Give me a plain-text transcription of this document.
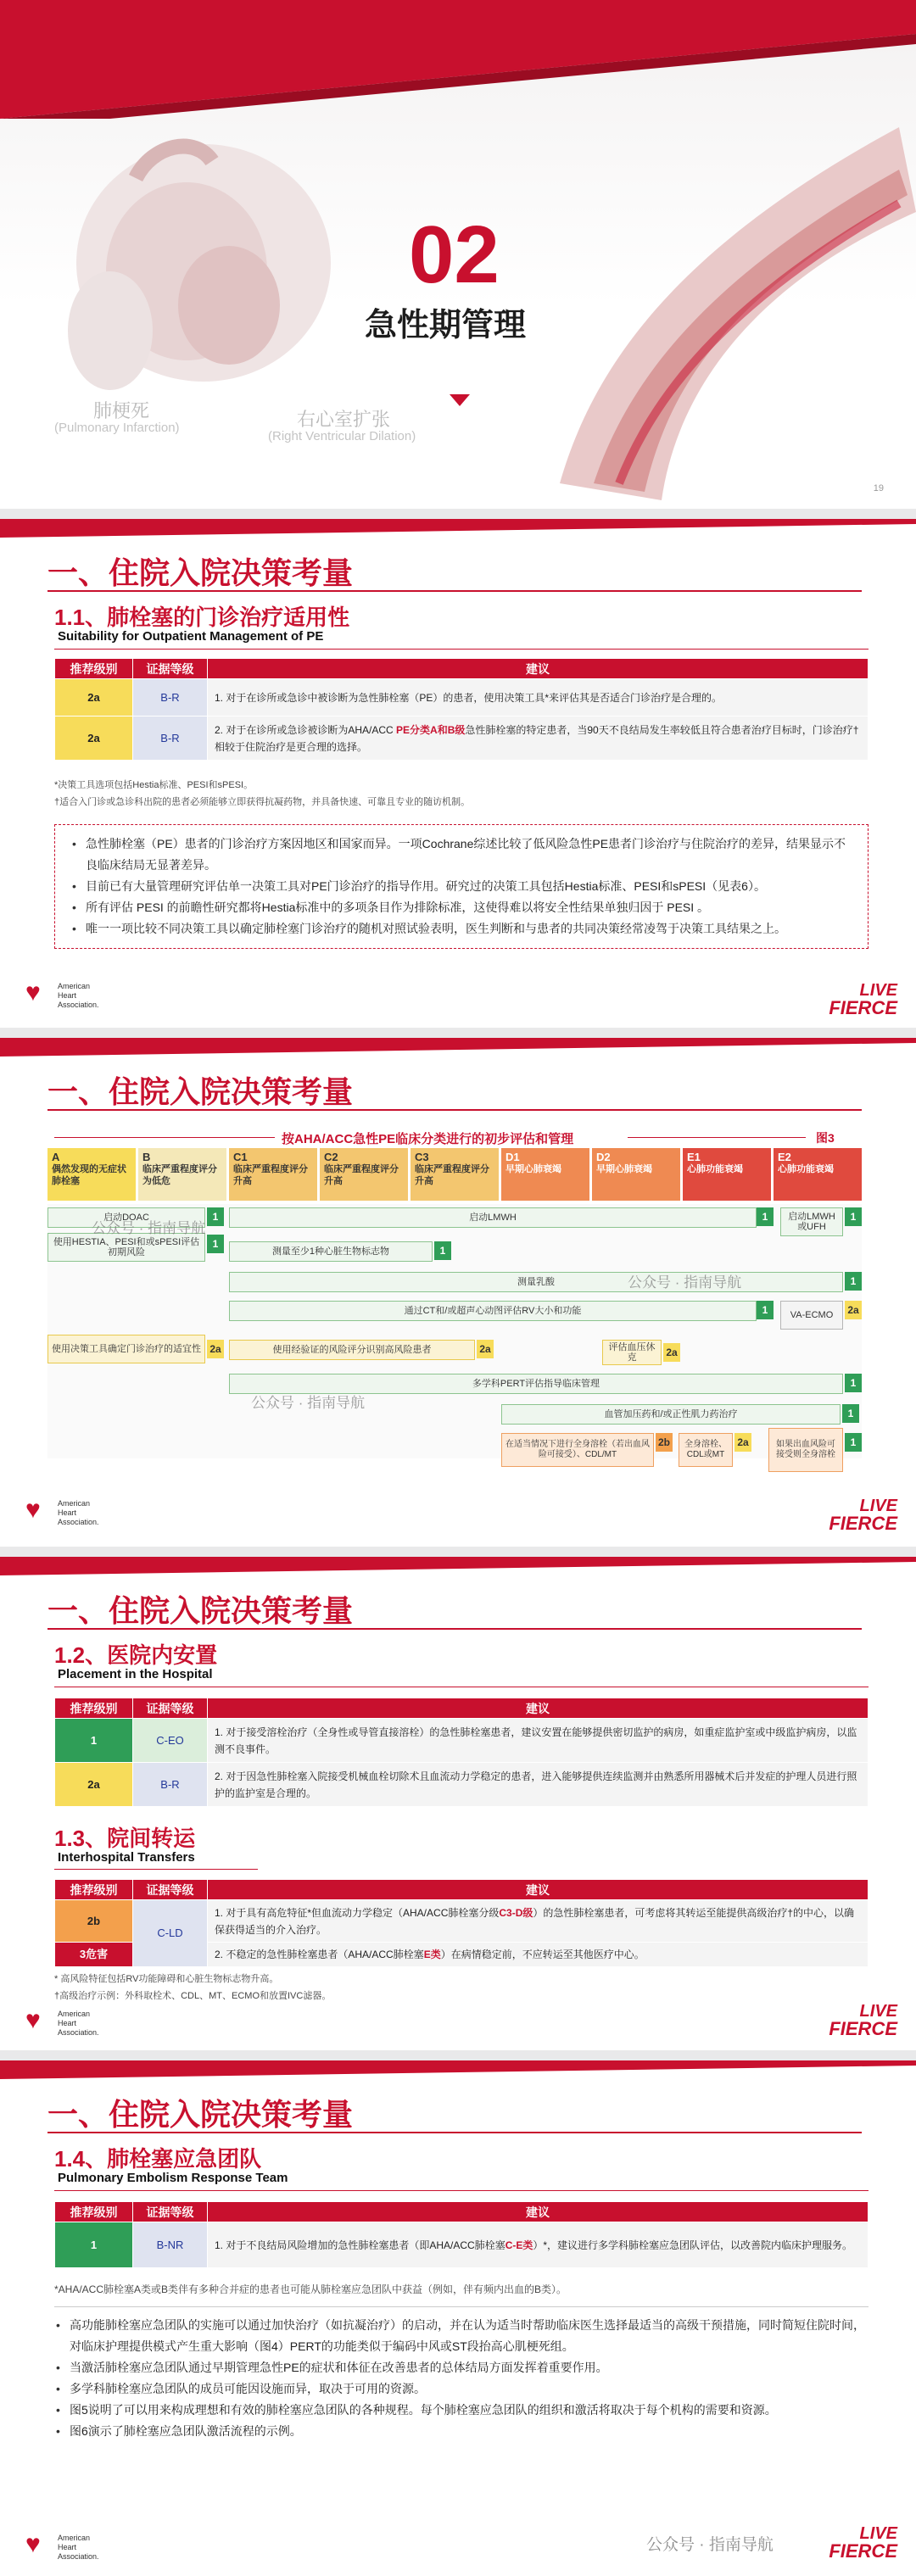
02
急性期管理
肺梗死
(Pulmonary Infarction)	右心室扩张
(Right Ventricular Dilation)
19
一、住院入院决策考量
1.1、肺栓塞的门诊治疗适用性
Suitability for Outpatient Management of PE
推荐级别	证据等级	建议
2a	B-R	1. 对于在诊所或急诊中被诊断为急性肺栓塞（PE）的患者，使用决策工具*来评估其是否适合门诊治疗是合理的。
2a	B-R	2. 对于在诊所或急诊被诊断为AHA/ACC PE分类A和B级急性肺栓塞的特定患者，当90天不良结局发生率较低且符合患者治疗目标时，门诊治疗†相较于住院治疗是更合理的选择。
*决策工具选项包括Hestia标准、PESI和sPESI。
†适合入门诊或急诊科出院的患者必须能够立即获得抗凝药物，并具备快速、可靠且专业的随访机制。
• 急性肺栓塞（PE）患者的门诊治疗方案因地区和国家而异。一项Cochrane综述比较了低风险急性PE患者门诊治疗与住院治疗的差异，结果显示不良临床结局无显著差异。
• 目前已有大量管理研究评估单一决策工具对PE门诊治疗的指导作用。研究过的决策工具包括Hestia标准、PESI和sPESI（见表6）。
• 所有评估 PESI 的前瞻性研究都将Hestia标准中的多项条目作为排除标准，这使得难以将安全性结果单独归因于 PESI 。
• 唯一一项比较不同决策工具以确定肺栓塞门诊治疗的随机对照试验表明，医生判断和与患者的共同决策经常凌驾于决策工具结果之上。
♥ American
Heart
Association.
LIVE
FIERCE
一、住院入院决策考量
按AHA/ACC急性PE临床分类进行的初步评估和管理	图3
A
偶然发现的无症状肺栓塞
B
临床严重程度评分为低危
C1
临床严重程度评分升高
C2
临床严重程度评分升高
C3
临床严重程度评分升高
D1
早期心肺衰竭
D2
早期心肺衰竭
E1
心肺功能衰竭
E2
心肺功能衰竭
启动DOAC	1	启动LMWH	1	启动LMWH或UFH
1
使用HESTIA、PESI和或sPESI评估初期风险
1
测量至少1种心脏生物标志物	1
测量乳酸	1
通过CT和/或超声心动图评估RV大小和功能	1	VA-ECMO	2a
使用决策工具确定门诊治疗的适宜性 2a	使用经验证的风险评分识别高风险患者	2a	评估血压休克	2a
多学科PERT评估指导临床管理	1
血管加压药和/或正性肌力药治疗	1
在适当情况下进行全身溶栓（若出血风险可接受）、CDL/MT
2b	全身溶栓、CDL或MT
2a	如果出血风险可接受则全身溶栓
1
公众号 · 指南导航
公众号 · 指南导航
公众号 · 指南导航
♥ American
Heart
Association.
LIVE
FIERCE
一、住院入院决策考量
1.2、医院内安置
Placement in the Hospital
推荐级别	证据等级	建议
1	C-EO	1. 对于接受溶栓治疗（全身性或导管直接溶栓）的急性肺栓塞患者，建议安置在能够提供密切监护的病房，如重症监护室或中级监护病房，以监测不良事件。
2a	B-R	2. 对于因急性肺栓塞入院接受机械血栓切除术且血流动力学稳定的患者，进入能够提供连续监测并由熟悉所用器械术后并发症的护理人员进行照护的监护室是合理的。
1.3、院间转运
Interhospital Transfers
推荐级别	证据等级	建议
2b	C-LD	1. 对于具有高危特征*但血流动力学稳定（AHA/ACC肺栓塞分级C3-D级）的急性肺栓塞患者，可考虑将其转运至能提供高级治疗†的中心，以确保获得适当的介入治疗。
3危害		2. 不稳定的急性肺栓塞患者（AHA/ACC肺栓塞E类）在病情稳定前，不应转运至其他医疗中心。
* 高风险特征包括RV功能障碍和心脏生物标志物升高。
†高级治疗示例：外科取栓术、CDL、MT、ECMO和放置IVC滤器。
♥ American
Heart
Association.
LIVE
FIERCE
一、住院入院决策考量
1.4、肺栓塞应急团队
Pulmonary Embolism Response Team
推荐级别	证据等级	建议
1	B-NR	1. 对于不良结局风险增加的急性肺栓塞患者（即AHA/ACC肺栓塞C-E类）*，建议进行多学科肺栓塞应急团队评估，以改善院内临床护理服务。
*AHA/ACC肺栓塞A类或B类伴有多种合并症的患者也可能从肺栓塞应急团队中获益（例如，伴有频内出血的B类）。
• 高功能肺栓塞应急团队的实施可以通过加快治疗（如抗凝治疗）的启动，并在认为适当时帮助临床医生选择最适当的高级干预措施，同时简短住院时间，对临床护理提供模式产生重大影响（图4）PERT的功能类似于编码中风或ST段抬高心肌梗死组。
• 当激活肺栓塞应急团队通过早期管理急性PE的症状和体征在改善患者的总体结局方面发挥着重要作用。
• 多学科肺栓塞应急团队的成员可能因设施而异，取决于可用的资源。
• 图5说明了可以用来构成理想和有效的肺栓塞应急团队的各种规程。每个肺栓塞应急团队的组织和激活将取决于每个机构的需要和资源。
• 图6演示了肺栓塞应急团队激活流程的示例。
♥ American
Heart
Association.
公众号 · 指南导航
LIVE
FIERCE
